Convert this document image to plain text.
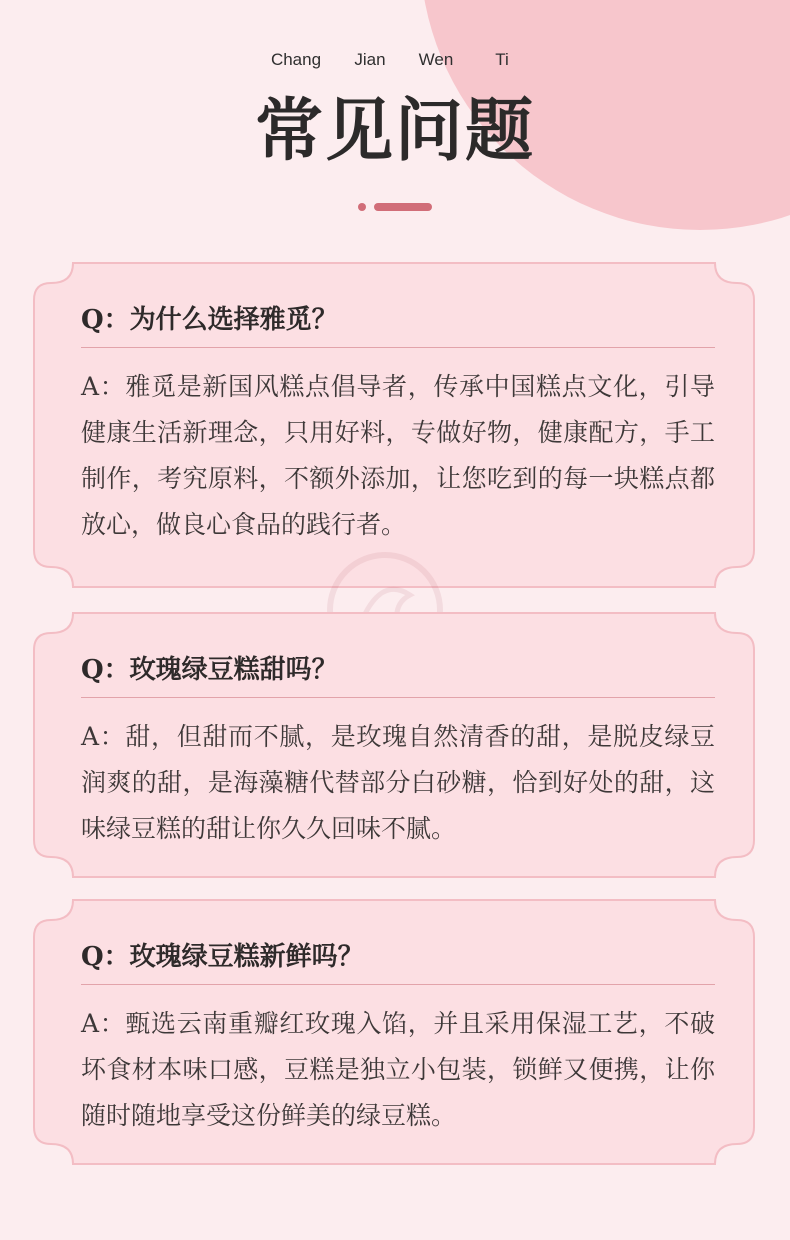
Chang	Jian	Wen	Ti
常见问题
Q：为什么选择雅觅？
A：雅觅是新国风糕点倡导者，传承中国糕点文化，引导健康生活新理念，只用好料，专做好物，健康配方，手工制作，考究原料，不额外添加，让您吃到的每一块糕点都放心，做良心食品的践行者。
Q：玫瑰绿豆糕甜吗？
A：甜，但甜而不腻，是玫瑰自然清香的甜，是脱皮绿豆润爽的甜，是海藻糖代替部分白砂糖，恰到好处的甜，这味绿豆糕的甜让你久久回味不腻。
Q：玫瑰绿豆糕新鲜吗？
A：甄选云南重瓣红玫瑰入馅，并且采用保湿工艺，不破坏食材本味口感，豆糕是独立小包装，锁鲜又便携，让你随时随地享受这份鲜美的绿豆糕。
